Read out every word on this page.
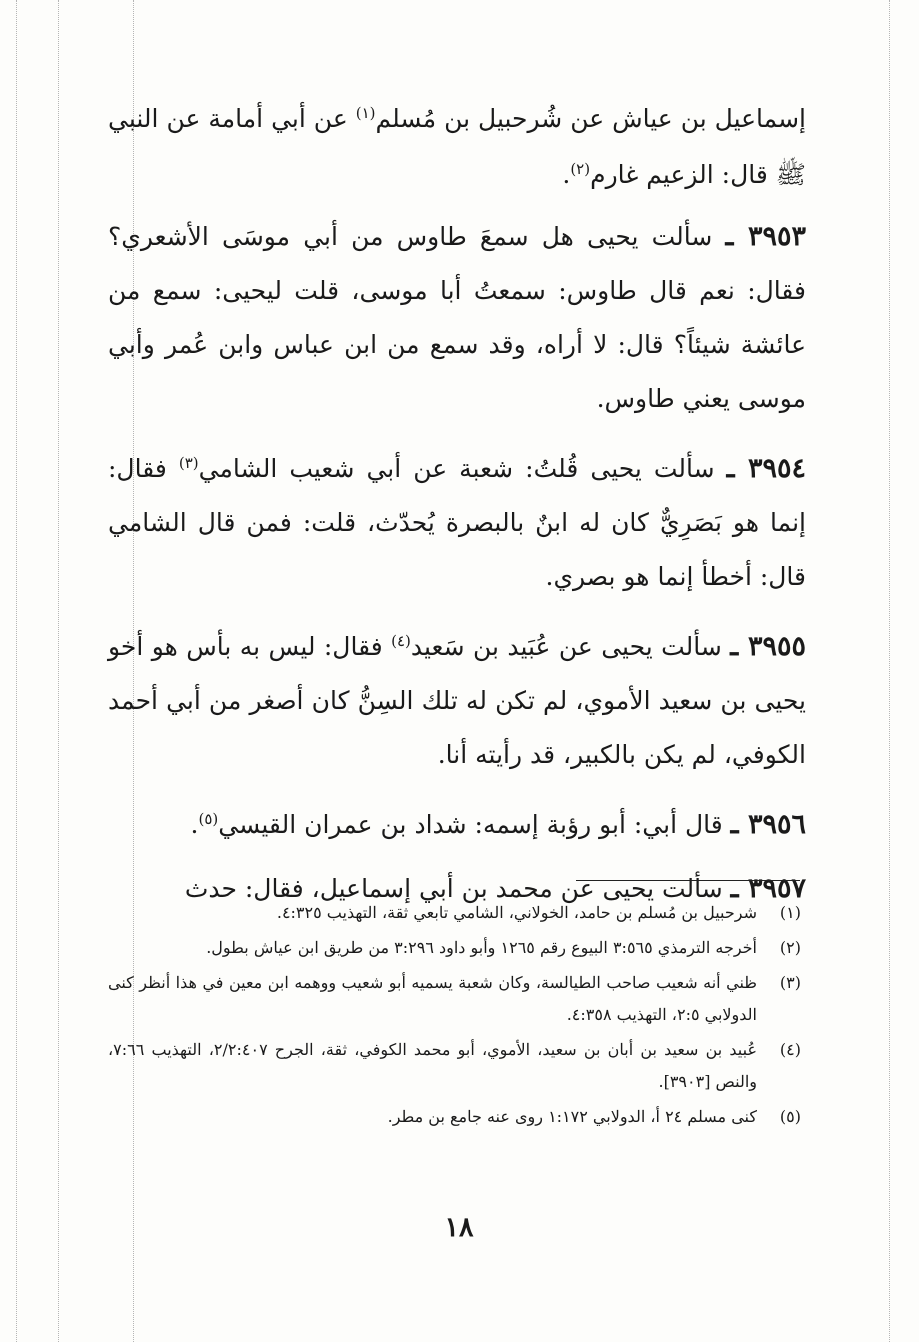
إسماعيل بن عياش عن شُرحبيل بن مُسلم$^{(١)}$ عن أبي أمامة عن النبي ﷺ قال: الزعيم غارم$^{(٢)}$.

٣٩٥٣ ـ سألت يحيى هل سمعَ طاوس من أبي موسَى الأشعري؟ فقال: نعم قال طاوس: سمعتُ أبا موسى، قلت ليحيى: سمع من عائشة شيئاً؟ قال: لا أراه، وقد سمع من ابن عباس وابن عُمر وأبي موسى يعني طاوس.

٣٩٥٤ ـ سألت يحيى قُلتُ: شعبة عن أبي شعيب الشامي$^{(٣)}$ فقال: إنما هو بَصَرِيٌّ كان له ابنٌ بالبصرة يُحدّث، قلت: فمن قال الشامي قال: أخطأ إنما هو بصري.

٣٩٥٥ ـ سألت يحيى عن عُبَيد بن سَعيد$^{(٤)}$ فقال: ليس به بأس هو أخو يحيى بن سعيد الأموي، لم تكن له تلك السِنُّ كان أصغر من أبي أحمد الكوفي، لم يكن بالكبير، قد رأيته أنا.

٣٩٥٦ ـ قال أبي: أبو رؤبة إسمه: شداد بن عمران القيسي$^{(٥)}$.

٣٩٥٧ ـ سألت يحيى عن محمد بن أبي إسماعيل، فقال: حدث

(١)
شرحبيل بن مُسلم بن حامد، الخولاني، الشامي تابعي ثقة، التهذيب ٤:٣٢٥.
(٢)
أخرجه الترمذي ٣:٥٦٥ البيوع رقم ١٢٦٥ وأبو داود ٣:٢٩٦ من طريق ابن عياش بطول.
(٣)
ظني أنه شعيب صاحب الطيالسة، وكان شعبة يسميه أبو شعيب ووهمه ابن معين في هذا أنظر كنى الدولابي ٢:٥، التهذيب ٤:٣٥٨.
(٤)
عُبيد بن سعيد بن أبان بن سعيد، الأموي، أبو محمد الكوفي، ثقة، الجرح ٢/٢:٤٠٧، التهذيب ٧:٦٦، والنص [٣٩٠٣].
(٥)
كنى مسلم ٢٤ أ، الدولابي ١:١٧٢ روى عنه جامع بن مطر.
١٨
